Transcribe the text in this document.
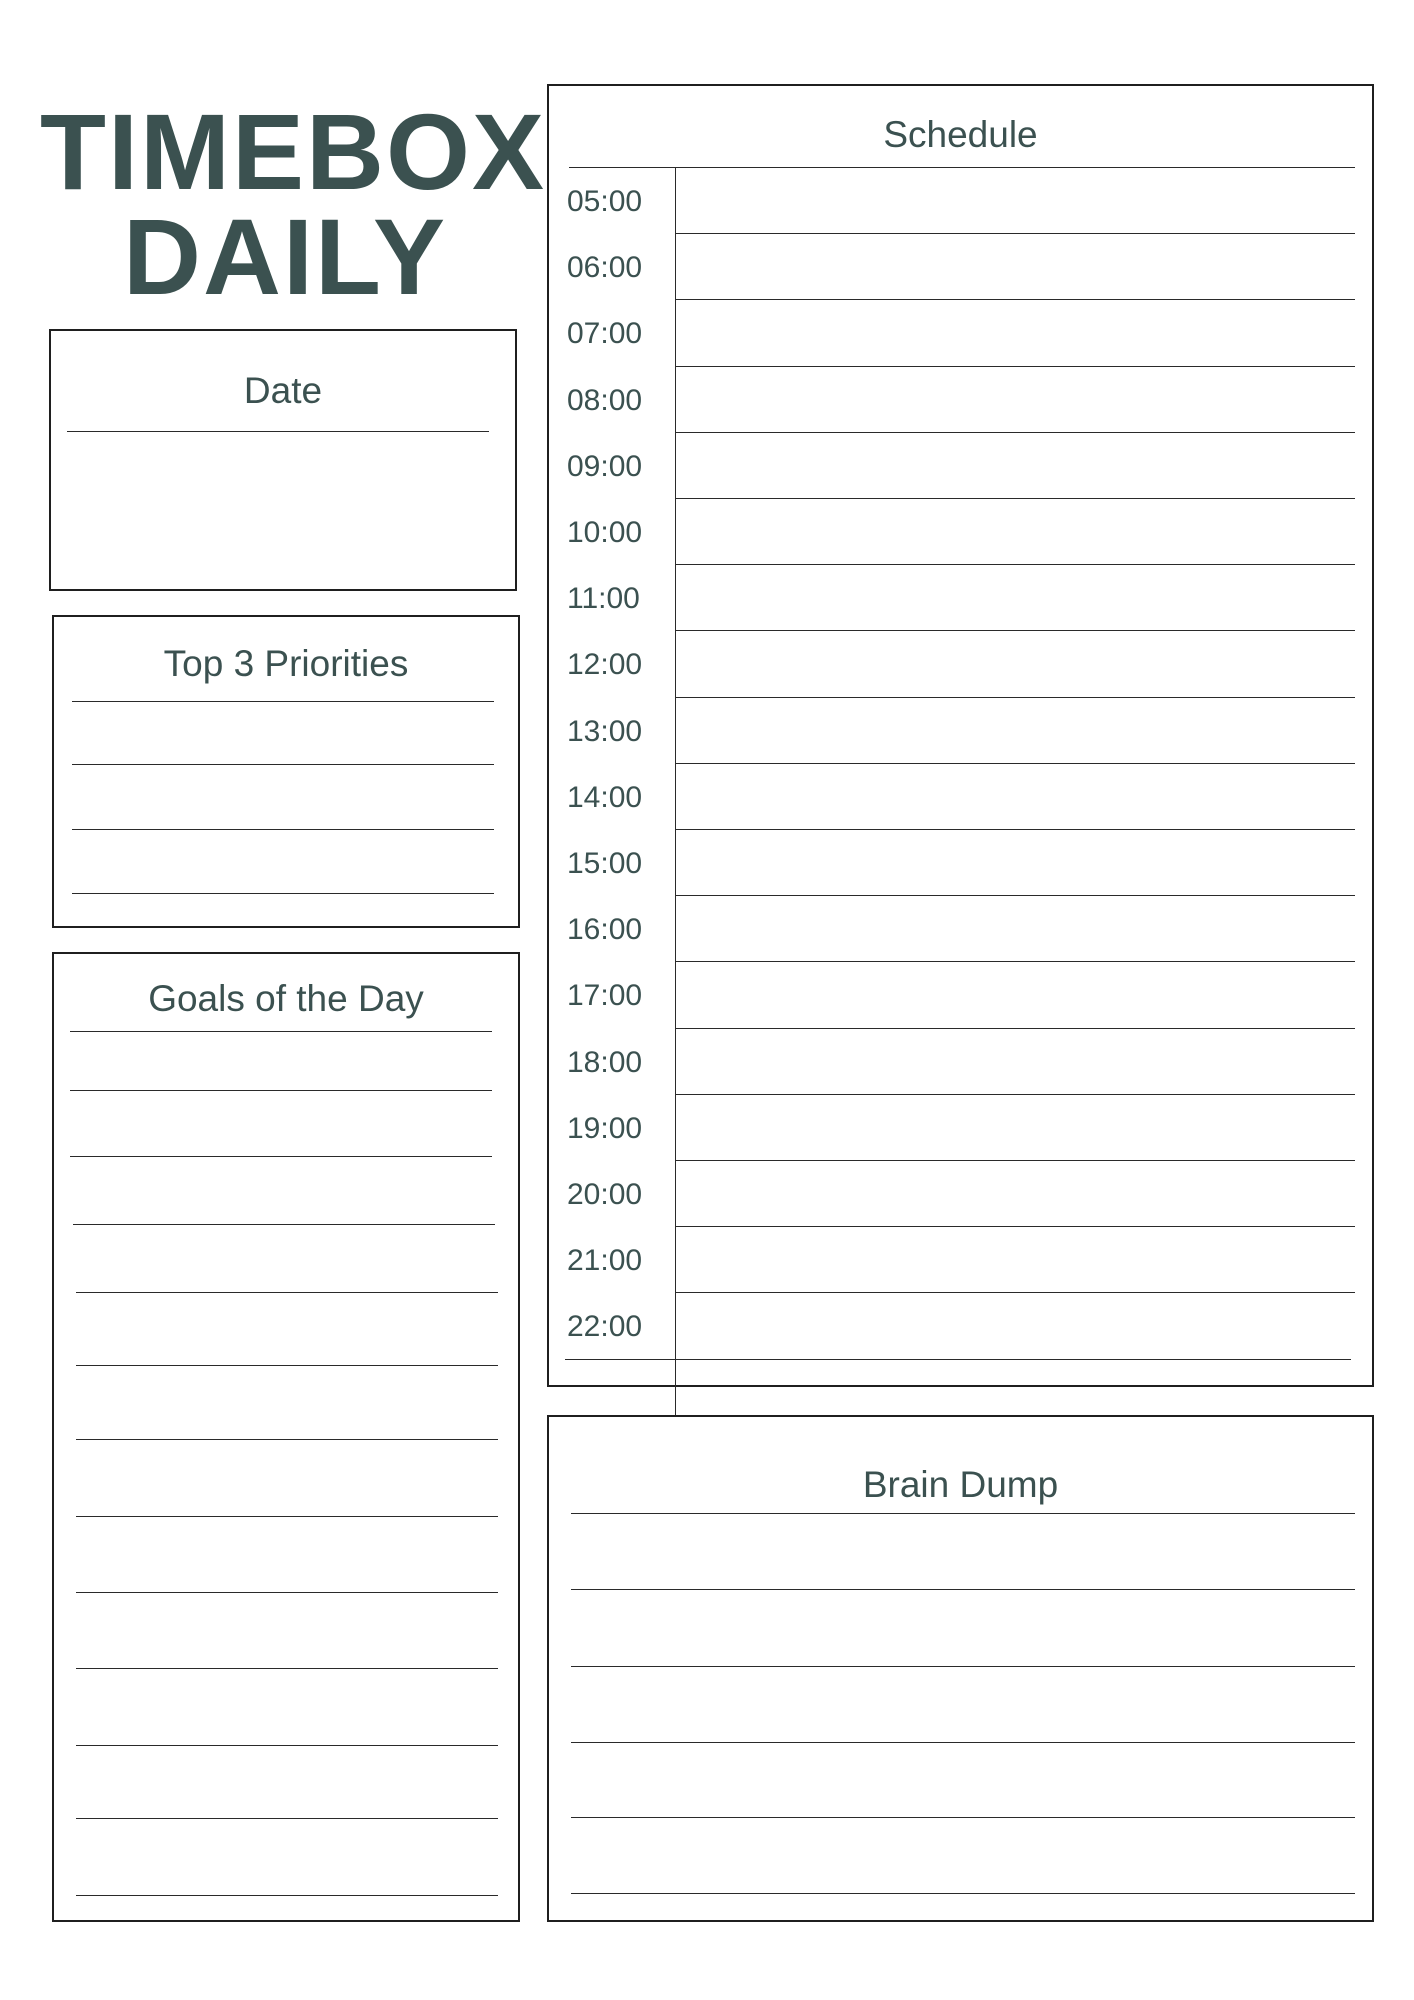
TIMEBOX
DAILY
Date
Top 3 Priorities
Goals of the Day
Schedule
05:00
06:00
07:00
08:00
09:00
10:00
11:00
12:00
13:00
14:00
15:00
16:00
17:00
18:00
19:00
20:00
21:00
22:00
Brain Dump
